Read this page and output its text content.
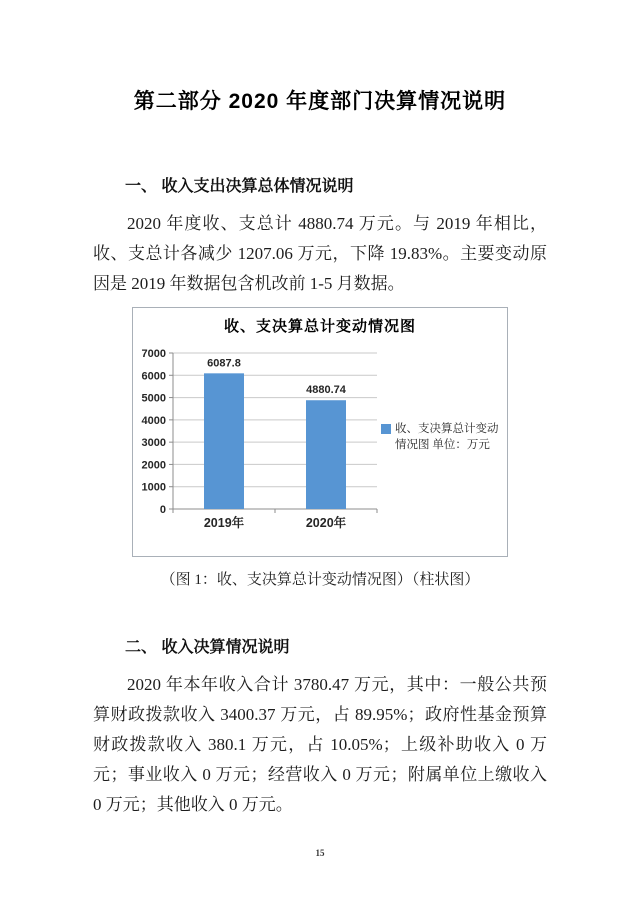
第二部分 2020 年度部门决算情况说明
一、 收入支出决算总体情况说明

2020 年度收、支总计 4880.74 万元。与 2019 年相比，收、支总计各减少 1207.06 万元，下降 19.83%。主要变动原因是 2019 年数据包含机改前 1-5 月数据。

收、支决算总计变动情况图
0
1000
2000
3000
4000
5000
6000
7000
6087.8
2019年
4880.74
2020年
收、支决算总计变动情况图 单位：万元
（图 1：收、支决算总计变动情况图）（柱状图）
二、 收入决算情况说明

2020 年本年收入合计 3780.47 万元，其中：一般公共预算财政拨款收入 3400.37 万元，占 89.95%；政府性基金预算财政拨款收入 380.1 万元，占 10.05%；上级补助收入 0 万元；事业收入 0 万元；经营收入 0 万元；附属单位上缴收入 0 万元；其他收入 0 万元。

15
